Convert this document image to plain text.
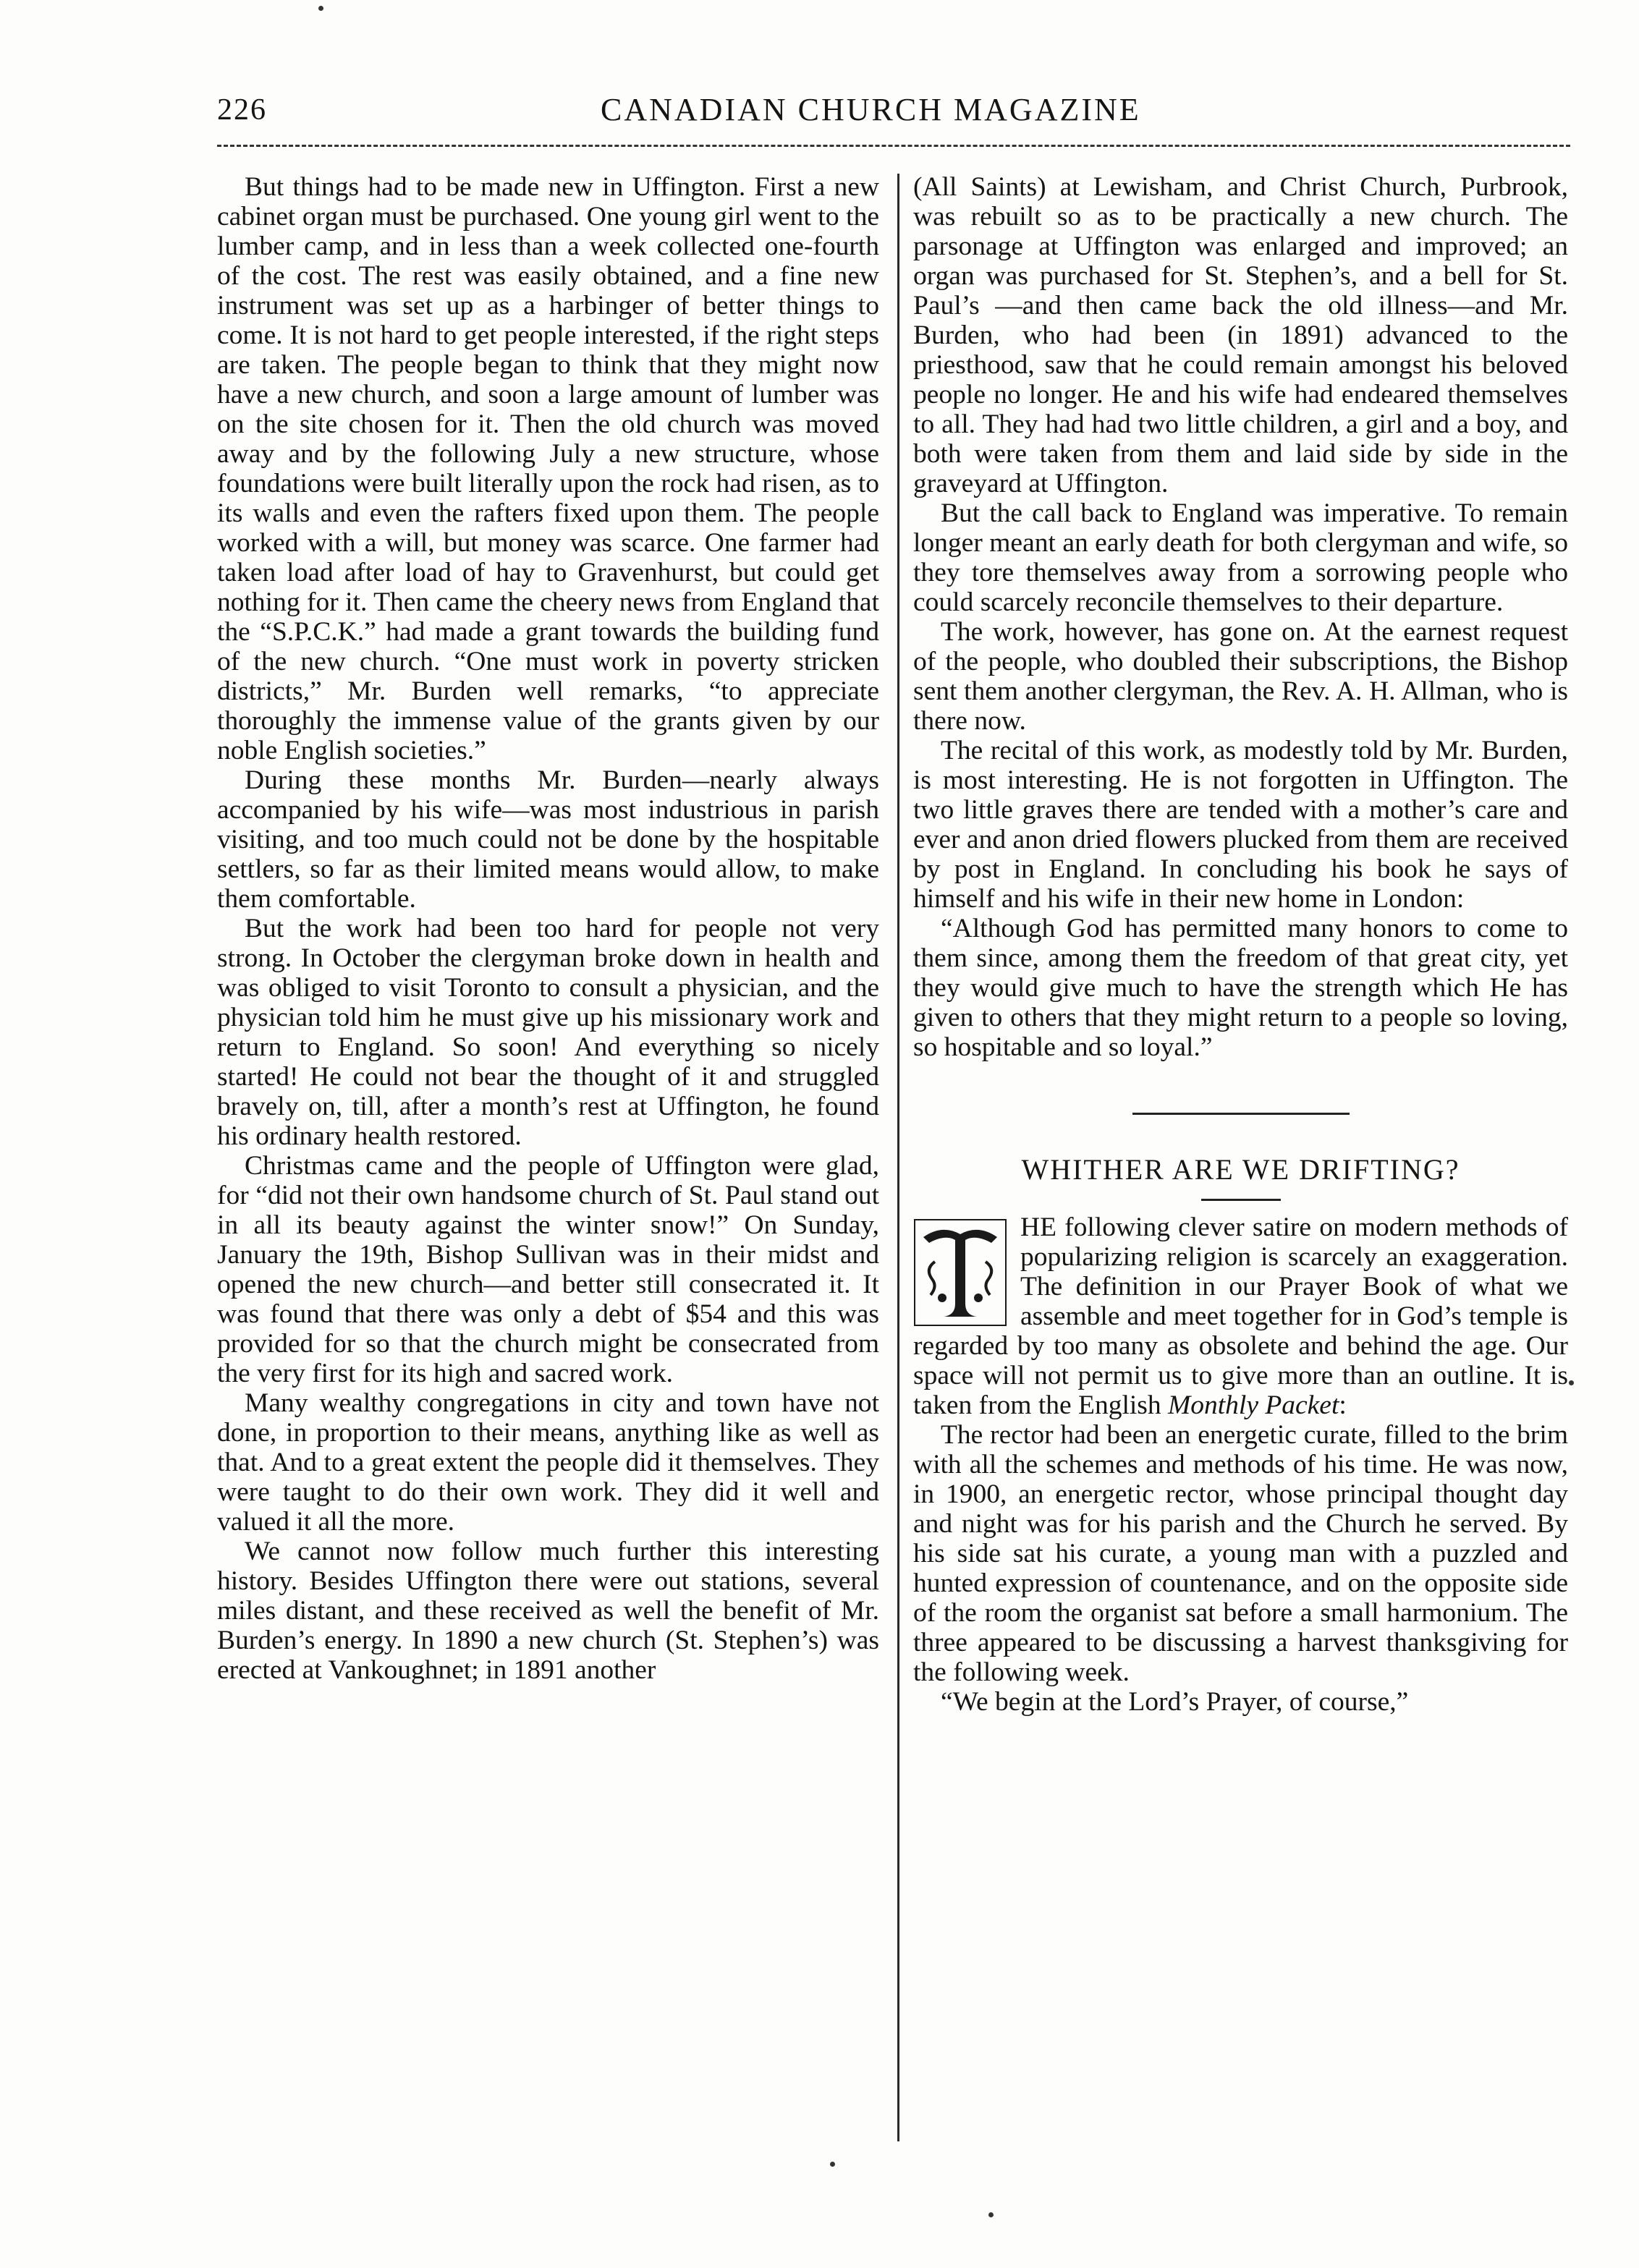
226	CANADIAN CHURCH MAGAZINE

But things had to be made new in Uffington. First a new cabinet organ must be purchased. One young girl went to the lumber camp, and in less than a week collected one-fourth of the cost. The rest was easily obtained, and a fine new instrument was set up as a harbinger of better things to come. It is not hard to get people interested, if the right steps are taken. The people began to think that they might now have a new church, and soon a large amount of lumber was on the site chosen for it. Then the old church was moved away and by the following July a new structure, whose foundations were built literally upon the rock had risen, as to its walls and even the rafters fixed upon them. The people worked with a will, but money was scarce. One farmer had taken load after load of hay to Gravenhurst, but could get nothing for it. Then came the cheery news from England that the “S.P.C.K.” had made a grant towards the building fund of the new church. “One must work in poverty stricken districts,” Mr. Burden well remarks, “to appreciate thoroughly the immense value of the grants given by our noble English societies.”

During these months Mr. Burden—nearly always accompanied by his wife—was most industrious in parish visiting, and too much could not be done by the hospitable settlers, so far as their limited means would allow, to make them comfortable.

But the work had been too hard for people not very strong. In October the clergyman broke down in health and was obliged to visit Toronto to consult a physician, and the physician told him he must give up his missionary work and return to England. So soon! And everything so nicely started! He could not bear the thought of it and struggled bravely on, till, after a month’s rest at Uffington, he found his ordinary health restored.

Christmas came and the people of Uffington were glad, for “did not their own handsome church of St. Paul stand out in all its beauty against the winter snow!” On Sunday, January the 19th, Bishop Sullivan was in their midst and opened the new church—and better still consecrated it. It was found that there was only a debt of $54 and this was provided for so that the church might be consecrated from the very first for its high and sacred work.

Many wealthy congregations in city and town have not done, in proportion to their means, anything like as well as that. And to a great extent the people did it themselves. They were taught to do their own work. They did it well and valued it all the more.

We cannot now follow much further this interesting history. Besides Uffington there were out stations, several miles distant, and these received as well the benefit of Mr. Burden’s energy. In 1890 a new church (St. Stephen’s) was erected at Vankoughnet; in 1891 another

(All Saints) at Lewisham, and Christ Church, Purbrook, was rebuilt so as to be practically a new church. The parsonage at Uffington was enlarged and improved; an organ was purchased for St. Stephen’s, and a bell for St. Paul’s —and then came back the old illness—and Mr. Burden, who had been (in 1891) advanced to the priesthood, saw that he could remain amongst his beloved people no longer. He and his wife had endeared themselves to all. They had had two little children, a girl and a boy, and both were taken from them and laid side by side in the graveyard at Uffington.

But the call back to England was imperative. To remain longer meant an early death for both clergyman and wife, so they tore themselves away from a sorrowing people who could scarcely reconcile themselves to their departure.

The work, however, has gone on. At the earnest request of the people, who doubled their subscriptions, the Bishop sent them another clergyman, the Rev. A. H. Allman, who is there now.

The recital of this work, as modestly told by Mr. Burden, is most interesting. He is not forgotten in Uffington. The two little graves there are tended with a mother’s care and ever and anon dried flowers plucked from them are received by post in England. In concluding his book he says of himself and his wife in their new home in London:

“Although God has permitted many honors to come to them since, among them the freedom of that great city, yet they would give much to have the strength which He has given to others that they might return to a people so loving, so hospitable and so loyal.”

WHITHER ARE WE DRIFTING?

HE following clever satire on modern methods of popularizing religion is scarcely an exaggeration. The definition in our Prayer Book of what we assemble and meet together for in God’s temple is regarded by too many as obsolete and behind the age. Our space will not permit us to give more than an outline. It is taken from the English Monthly Packet:

The rector had been an energetic curate, filled to the brim with all the schemes and methods of his time. He was now, in 1900, an energetic rector, whose principal thought day and night was for his parish and the Church he served. By his side sat his curate, a young man with a puzzled and hunted expression of countenance, and on the opposite side of the room the organist sat before a small harmonium. The three appeared to be discussing a harvest thanksgiving for the following week.

“We begin at the Lord’s Prayer, of course,”
